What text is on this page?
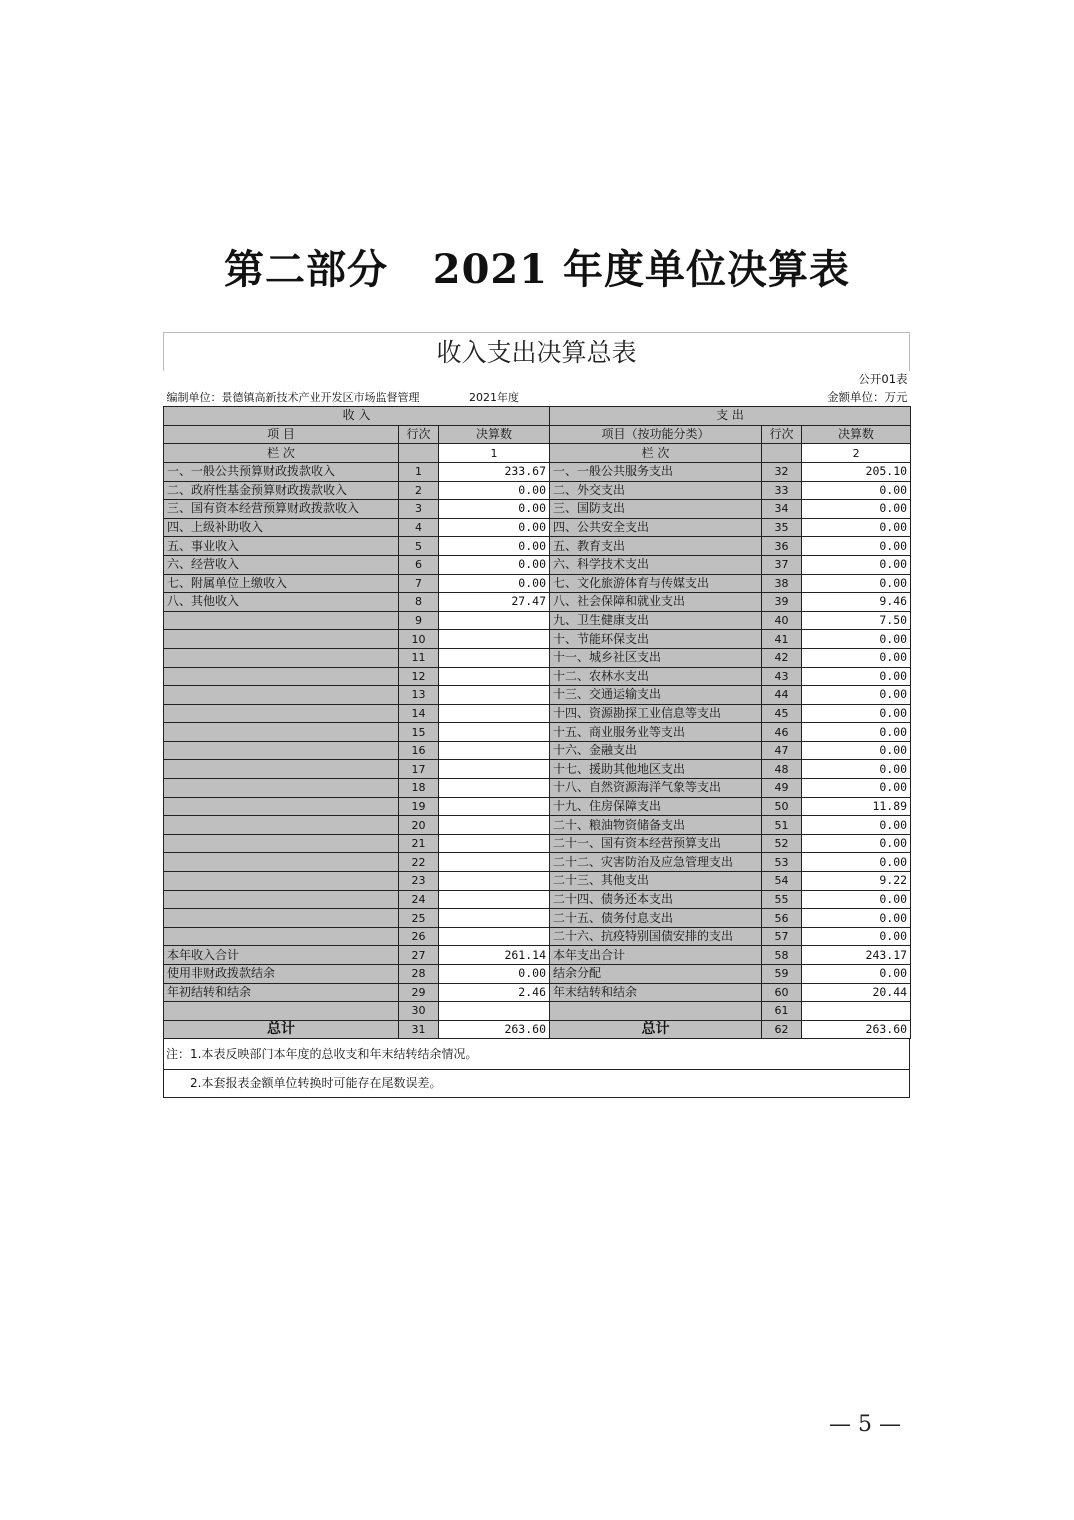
第二部分   2021 年度单位决算表
收入支出决算总表
					公开01表
编制单位：景德镇高新技术产业开发区市场监督管理		2021年度			金额单位：万元
收 入			支 出		
项 目	行次	决算数	项目（按功能分类）	行次	决算数
栏 次		1	栏 次		2
一、一般公共预算财政拨款收入	1	233.67	一、一般公共服务支出	32	205.10
二、政府性基金预算财政拨款收入	2	0.00	二、外交支出	33	0.00
三、国有资本经营预算财政拨款收入	3	0.00	三、国防支出	34	0.00
四、上级补助收入	4	0.00	四、公共安全支出	35	0.00
五、事业收入	5	0.00	五、教育支出	36	0.00
六、经营收入	6	0.00	六、科学技术支出	37	0.00
七、附属单位上缴收入	7	0.00	七、文化旅游体育与传媒支出	38	0.00
八、其他收入	8	27.47	八、社会保障和就业支出	39	9.46
	9		九、卫生健康支出	40	7.50
	10		十、节能环保支出	41	0.00
	11		十一、城乡社区支出	42	0.00
	12		十二、农林水支出	43	0.00
	13		十三、交通运输支出	44	0.00
	14		十四、资源勘探工业信息等支出	45	0.00
	15		十五、商业服务业等支出	46	0.00
	16		十六、金融支出	47	0.00
	17		十七、援助其他地区支出	48	0.00
	18		十八、自然资源海洋气象等支出	49	0.00
	19		十九、住房保障支出	50	11.89
	20		二十、粮油物资储备支出	51	0.00
	21		二十一、国有资本经营预算支出	52	0.00
	22		二十二、灾害防治及应急管理支出	53	0.00
	23		二十三、其他支出	54	9.22
	24		二十四、债务还本支出	55	0.00
	25		二十五、债务付息支出	56	0.00
	26		二十六、抗疫特别国债安排的支出	57	0.00
本年收入合计	27	261.14	本年支出合计	58	243.17
使用非财政拨款结余	28	0.00	结余分配	59	0.00
年初结转和结余	29	2.46	年末结转和结余	60	20.44
	30			61	
总计	31	263.60	总计	62	263.60
注：1.本表反映部门本年度的总收支和年末结转结余情况。
2.本套报表金额单位转换时可能存在尾数误差。
— 5 —
